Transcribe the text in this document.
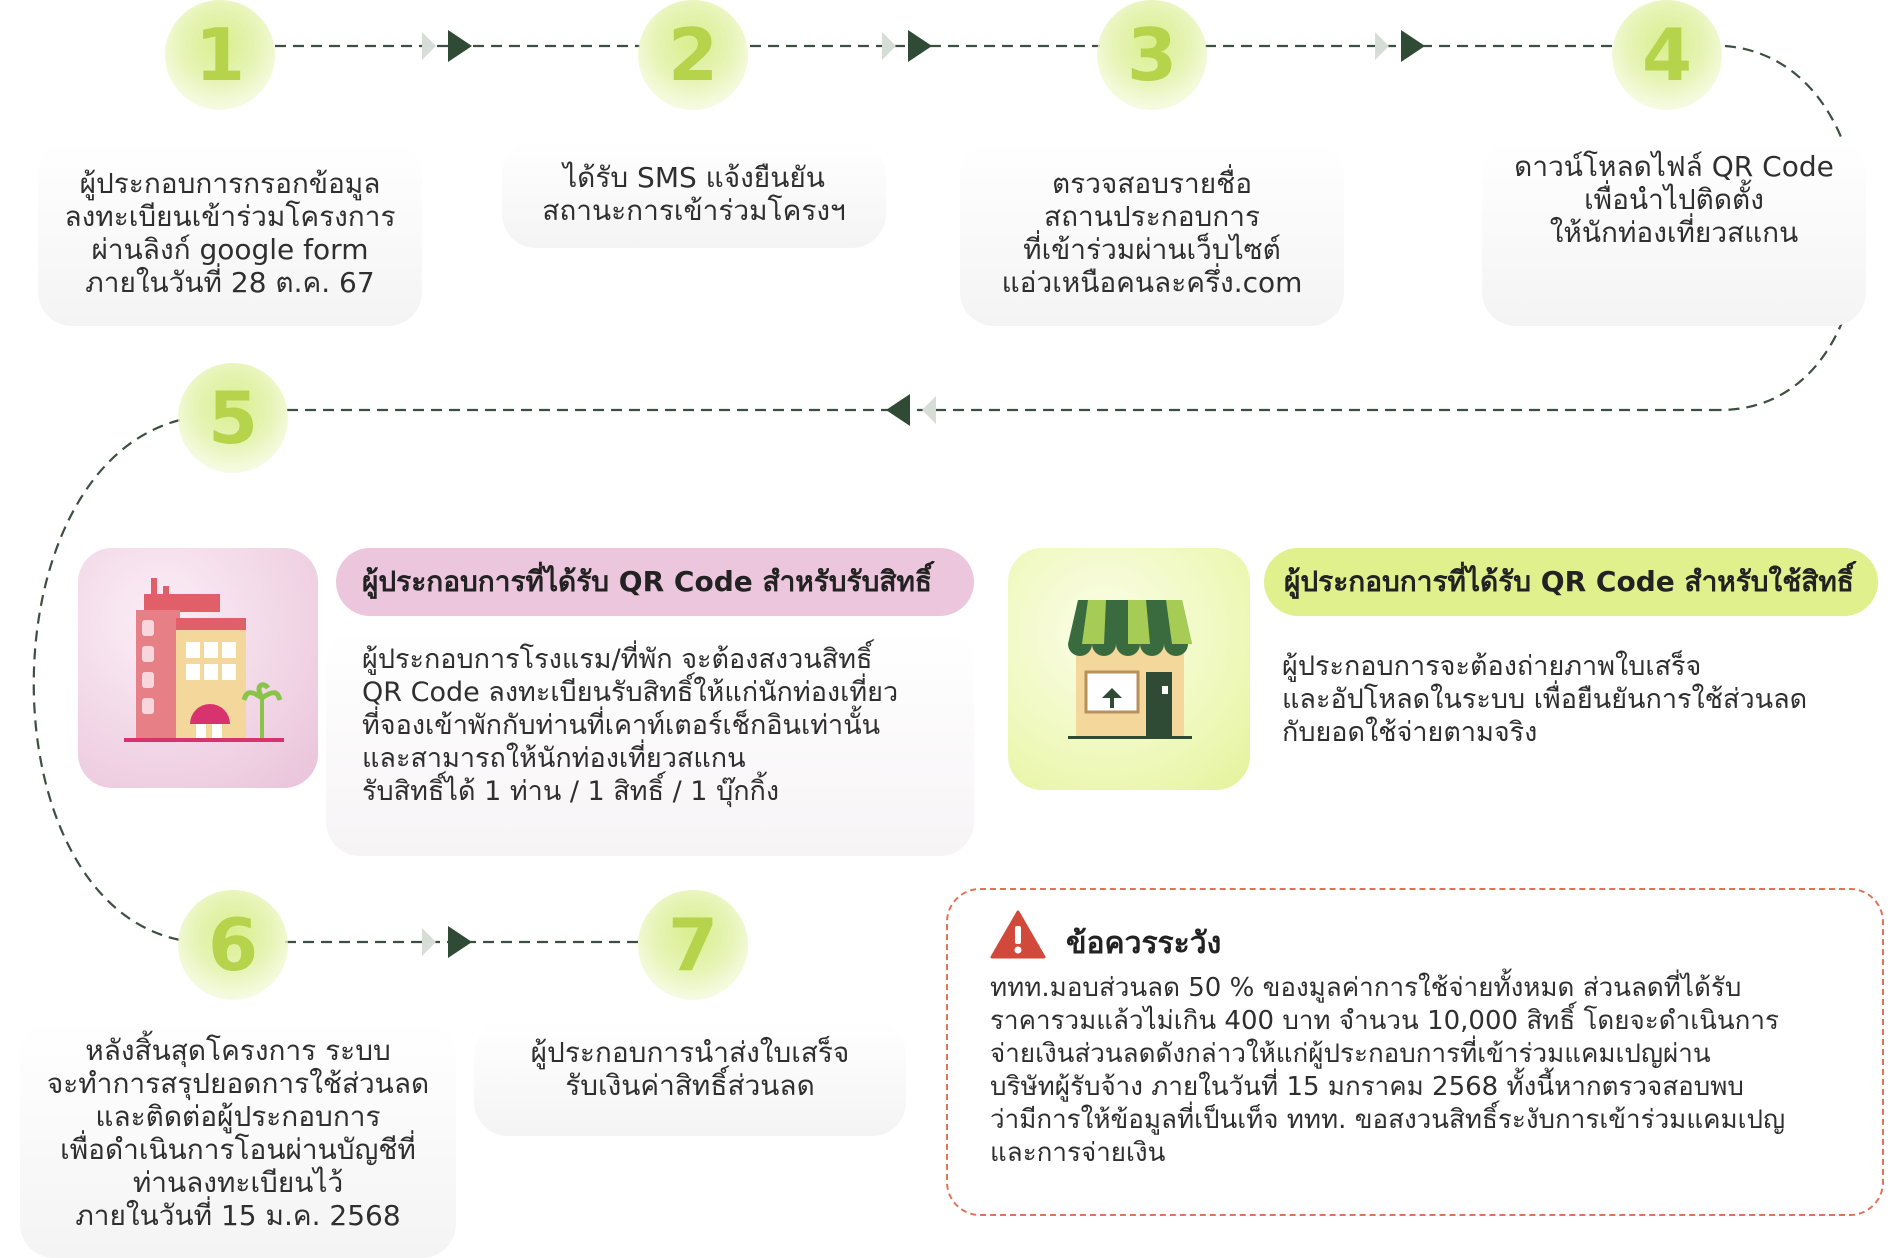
1	2	3	4
5
6	7

ผู้ประกอบการกรอกข้อมูล
ลงทะเบียนเข้าร่วมโครงการ
ผ่านลิงก์ google form
ภายในวันที่ 28 ต.ค. 67

ได้รับ SMS แจ้งยืนยัน
สถานะการเข้าร่วมโครงฯ

ตรวจสอบรายชื่อ
สถานประกอบการ
ที่เข้าร่วมผ่านเว็บไซต์
แอ่วเหนือคนละครึ่ง.com

ดาวน์โหลดไฟล์ QR Code
เพื่อนำไปติดตั้ง
ให้นักท่องเที่ยวสแกน

หลังสิ้นสุดโครงการ ระบบ
จะทำการสรุปยอดการใช้ส่วนลด
และติดต่อผู้ประกอบการ
เพื่อดำเนินการโอนผ่านบัญชีที่
ท่านลงทะเบียนไว้
ภายในวันที่ 15 ม.ค. 2568

ผู้ประกอบการนำส่งใบเสร็จ
รับเงินค่าสิทธิ์ส่วนลด

ผู้ประกอบการที่ได้รับ QR Code สำหรับรับสิทธิ์

ผู้ประกอบการโรงแรม/ที่พัก จะต้องสงวนสิทธิ์
QR Code ลงทะเบียนรับสิทธิ์ให้แก่นักท่องเที่ยว
ที่จองเข้าพักกับท่านที่เคาท์เตอร์เช็กอินเท่านั้น
และสามารถให้นักท่องเที่ยวสแกน
รับสิทธิ์ได้ 1 ท่าน / 1 สิทธิ์ / 1 บุ๊กกิ้ง

ผู้ประกอบการที่ได้รับ QR Code สำหรับใช้สิทธิ์

ผู้ประกอบการจะต้องถ่ายภาพใบเสร็จ
และอัปโหลดในระบบ เพื่อยืนยันการใช้ส่วนลด
กับยอดใช้จ่ายตามจริง

ข้อควรระวัง

ททท.มอบส่วนลด 50 % ของมูลค่าการใช้จ่ายทั้งหมด ส่วนลดที่ได้รับ
ราคารวมแล้วไม่เกิน 400 บาท จำนวน 10,000 สิทธิ์ โดยจะดำเนินการ
จ่ายเงินส่วนลดดังกล่าวให้แก่ผู้ประกอบการที่เข้าร่วมแคมเปญผ่าน
บริษัทผู้รับจ้าง ภายในวันที่ 15 มกราคม 2568 ทั้งนี้หากตรวจสอบพบ
ว่ามีการให้ข้อมูลที่เป็นเท็จ ททท. ขอสงวนสิทธิ์ระงับการเข้าร่วมแคมเปญ
และการจ่ายเงิน
